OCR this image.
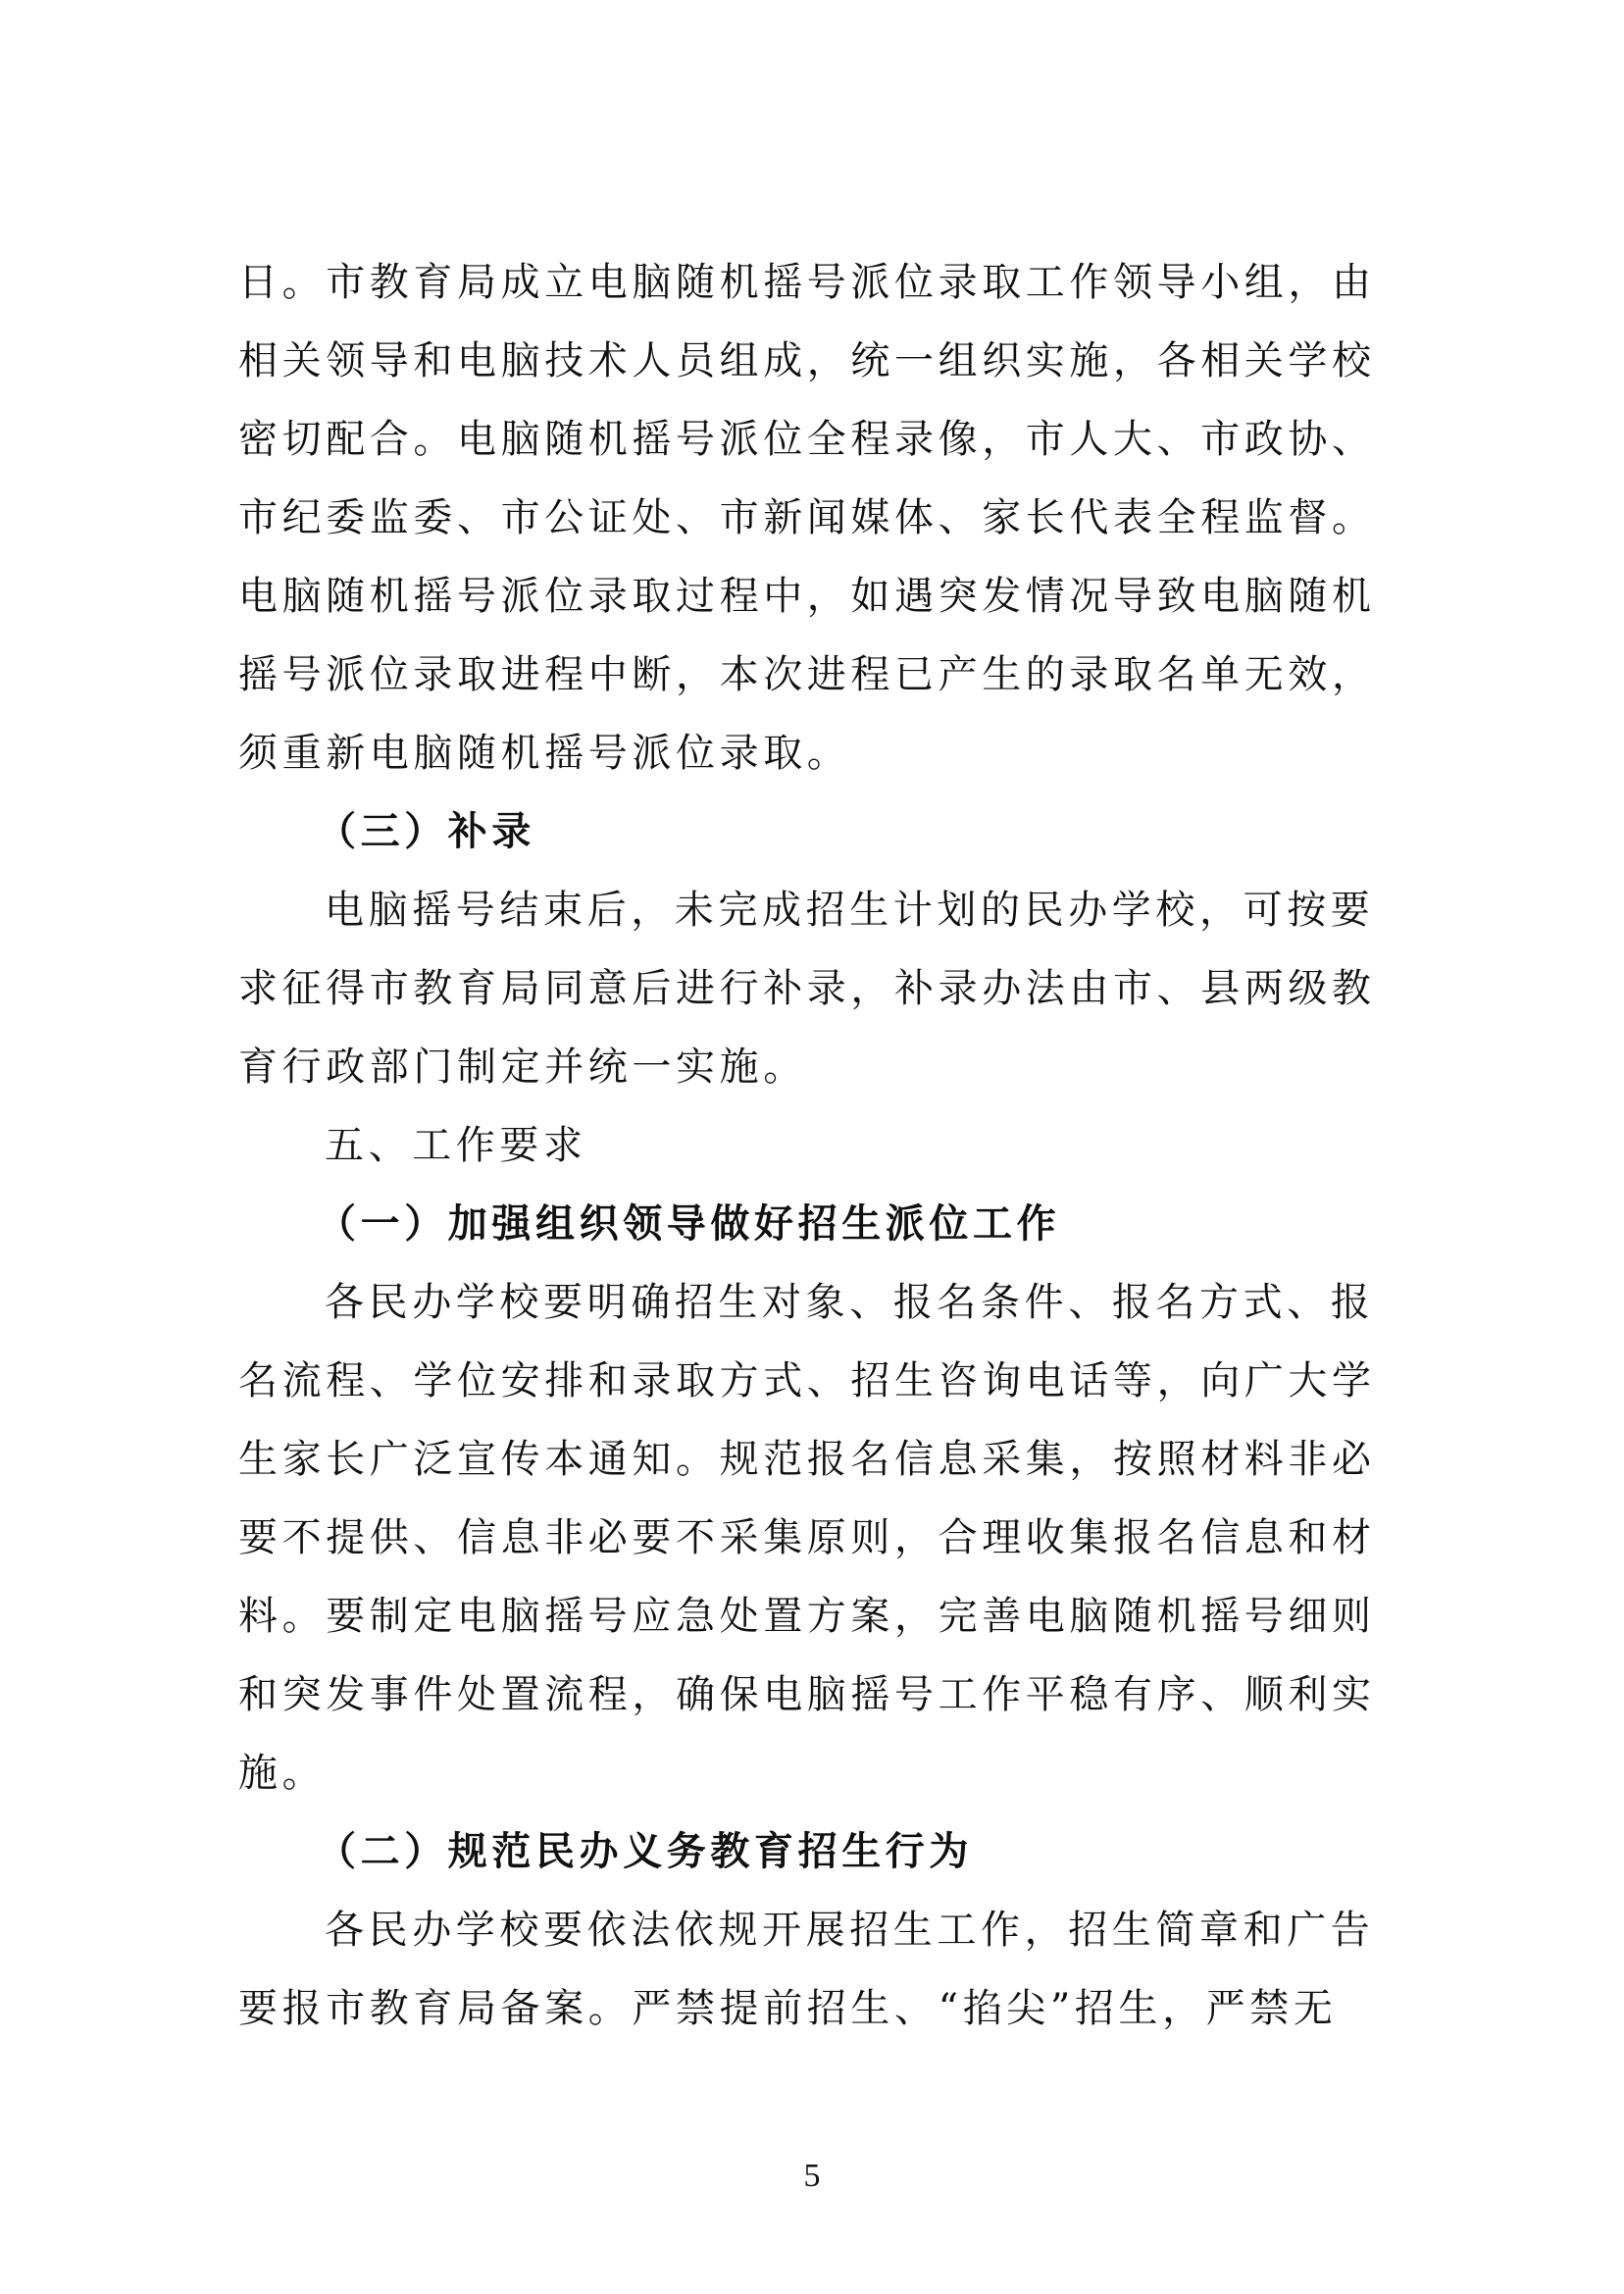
日。市教育局成立电脑随机摇号派位录取工作领导小组，由
相关领导和电脑技术人员组成，统一组织实施，各相关学校
密切配合。电脑随机摇号派位全程录像，市人大、市政协、
市纪委监委、市公证处、市新闻媒体、家长代表全程监督。
电脑随机摇号派位录取过程中，如遇突发情况导致电脑随机
摇号派位录取进程中断，本次进程已产生的录取名单无效，
须重新电脑随机摇号派位录取。
（三）补录
电脑摇号结束后，未完成招生计划的民办学校，可按要
求征得市教育局同意后进行补录，补录办法由市、县两级教
育行政部门制定并统一实施。
五、工作要求
（一）加强组织领导做好招生派位工作
各民办学校要明确招生对象、报名条件、报名方式、报
名流程、学位安排和录取方式、招生咨询电话等，向广大学
生家长广泛宣传本通知。规范报名信息采集，按照材料非必
要不提供、信息非必要不采集原则，合理收集报名信息和材
料。要制定电脑摇号应急处置方案，完善电脑随机摇号细则
和突发事件处置流程，确保电脑摇号工作平稳有序、顺利实
施。
（二）规范民办义务教育招生行为
各民办学校要依法依规开展招生工作，招生简章和广告
要报市教育局备案。严禁提前招生、“掐尖”招生，严禁无
5
